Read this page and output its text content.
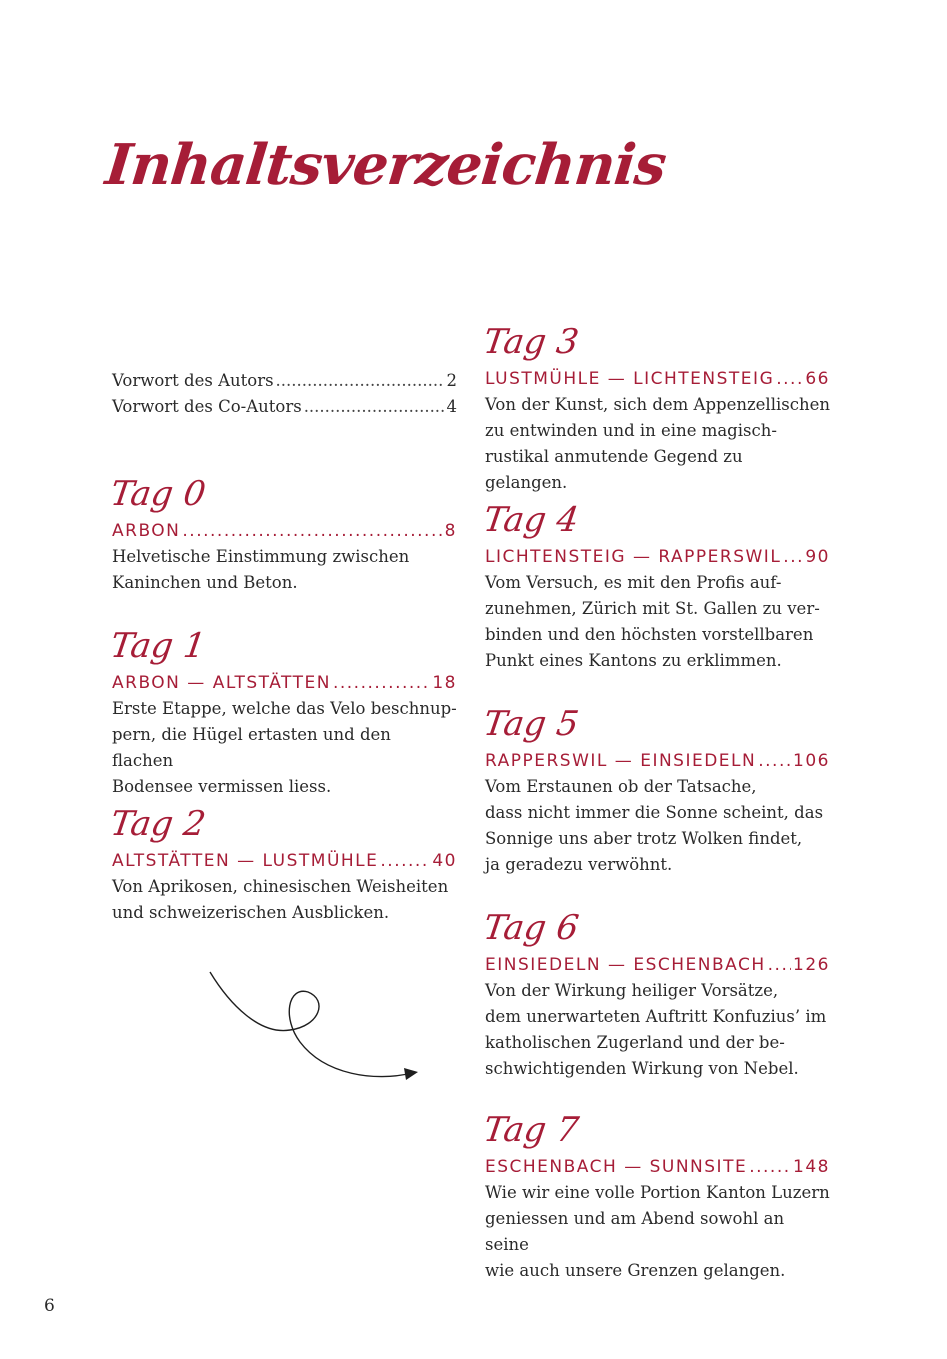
Inhaltsverzeichnis
Vorwort des Autors .....	2
Vorwort des Co-Autors .....	4
Tag 0
ARBON .....	8
Helvetische Einstimmung zwischen
Kaninchen und Beton.
Tag 1
ARBON — ALTSTÄTTEN .....	18
Erste Etappe, welche das Velo beschnup-
pern, die Hügel ertasten und den flachen
Bodensee vermissen liess.
Tag 2
ALTSTÄTTEN — LUSTMÜHLE .....	40
Von Aprikosen, chinesischen Weisheiten
und schweizerischen Ausblicken.
Tag 3
LUSTMÜHLE — LICHTENSTEIG ..... 66
Von der Kunst, sich dem Appenzellischen
zu entwinden und in eine magisch-
rustikal anmutende Gegend zu gelangen.
Tag 4
LICHTENSTEIG — RAPPERSWIL ..... 90
Vom Versuch, es mit den Profis auf-
zunehmen, Zürich mit St. Gallen zu ver-
binden und den höchsten vorstellbaren
Punkt eines Kantons zu erklimmen.
Tag 5
RAPPERSWIL — EINSIEDELN ..... 106
Vom Erstaunen ob der Tatsache,
dass nicht immer die Sonne scheint, das
Sonnige uns aber trotz Wolken findet,
ja geradezu verwöhnt.
Tag 6
EINSIEDELN — ESCHENBACH ..... 126
Von der Wirkung heiliger Vorsätze,
dem unerwarteten Auftritt Konfuzius’ im
katholischen Zugerland und der be-
schwichtigenden Wirkung von Nebel.
Tag 7
ESCHENBACH — SUNNSITE .....	148
Wie wir eine volle Portion Kanton Luzern
geniessen und am Abend sowohl an seine
wie auch unsere Grenzen gelangen.
6
